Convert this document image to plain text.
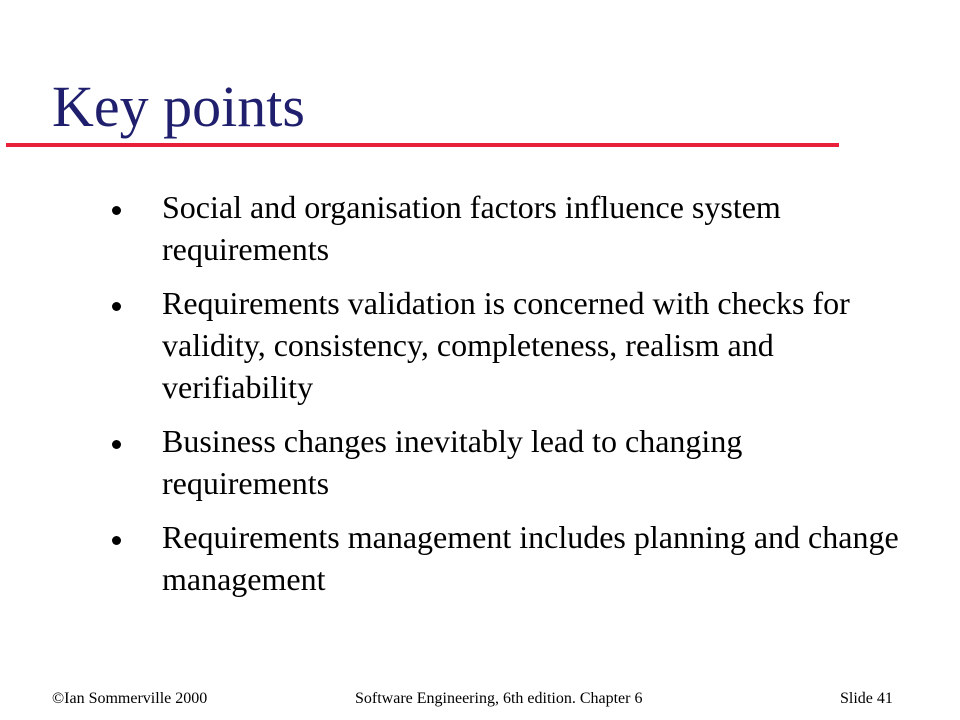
Key points
Social and organisation factors influence system requirements
Requirements validation is concerned with checks for validity, consistency, completeness, realism and verifiability
Business changes inevitably lead to changing requirements
Requirements management includes planning and change management
©Ian Sommerville 2000	Software Engineering, 6th edition. Chapter 6	Slide 41
